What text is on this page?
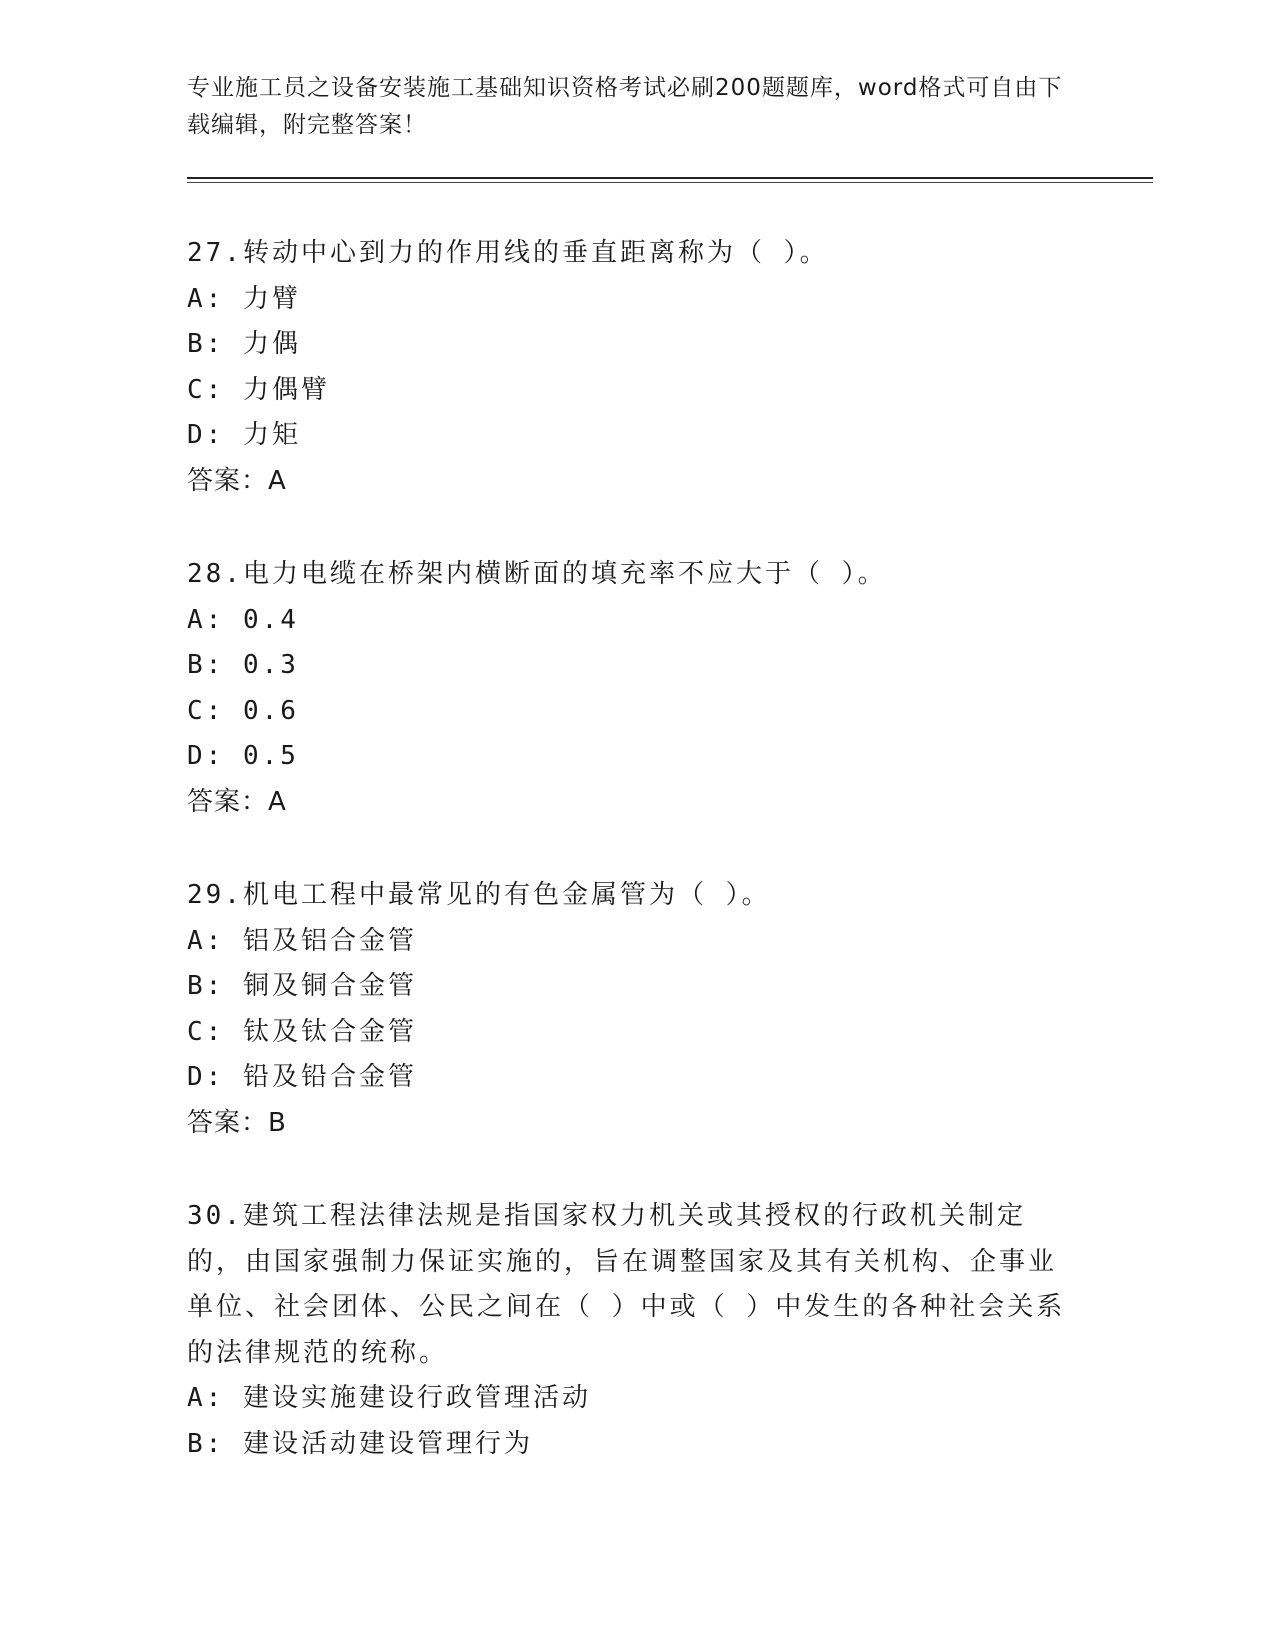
专业施工员之设备安装施工基础知识资格考试必刷200题题库，word格式可自由下载编辑，附完整答案！
27.转动中心到力的作用线的垂直距离称为（ ）。
A: 力臂
B: 力偶
C: 力偶臂
D: 力矩
答案：A
28.电力电缆在桥架内横断面的填充率不应大于（ ）。
A: 0.4
B: 0.3
C: 0.6
D: 0.5
答案：A
29.机电工程中最常见的有色金属管为（ ）。
A: 铝及铝合金管
B: 铜及铜合金管
C: 钛及钛合金管
D: 铅及铅合金管
答案：B
30.建筑工程法律法规是指国家权力机关或其授权的行政机关制定的，由国家强制力保证实施的，旨在调整国家及其有关机构、企事业单位、社会团体、公民之间在（ ）中或（ ）中发生的各种社会关系的法律规范的统称。
A: 建设实施建设行政管理活动
B: 建设活动建设管理行为
